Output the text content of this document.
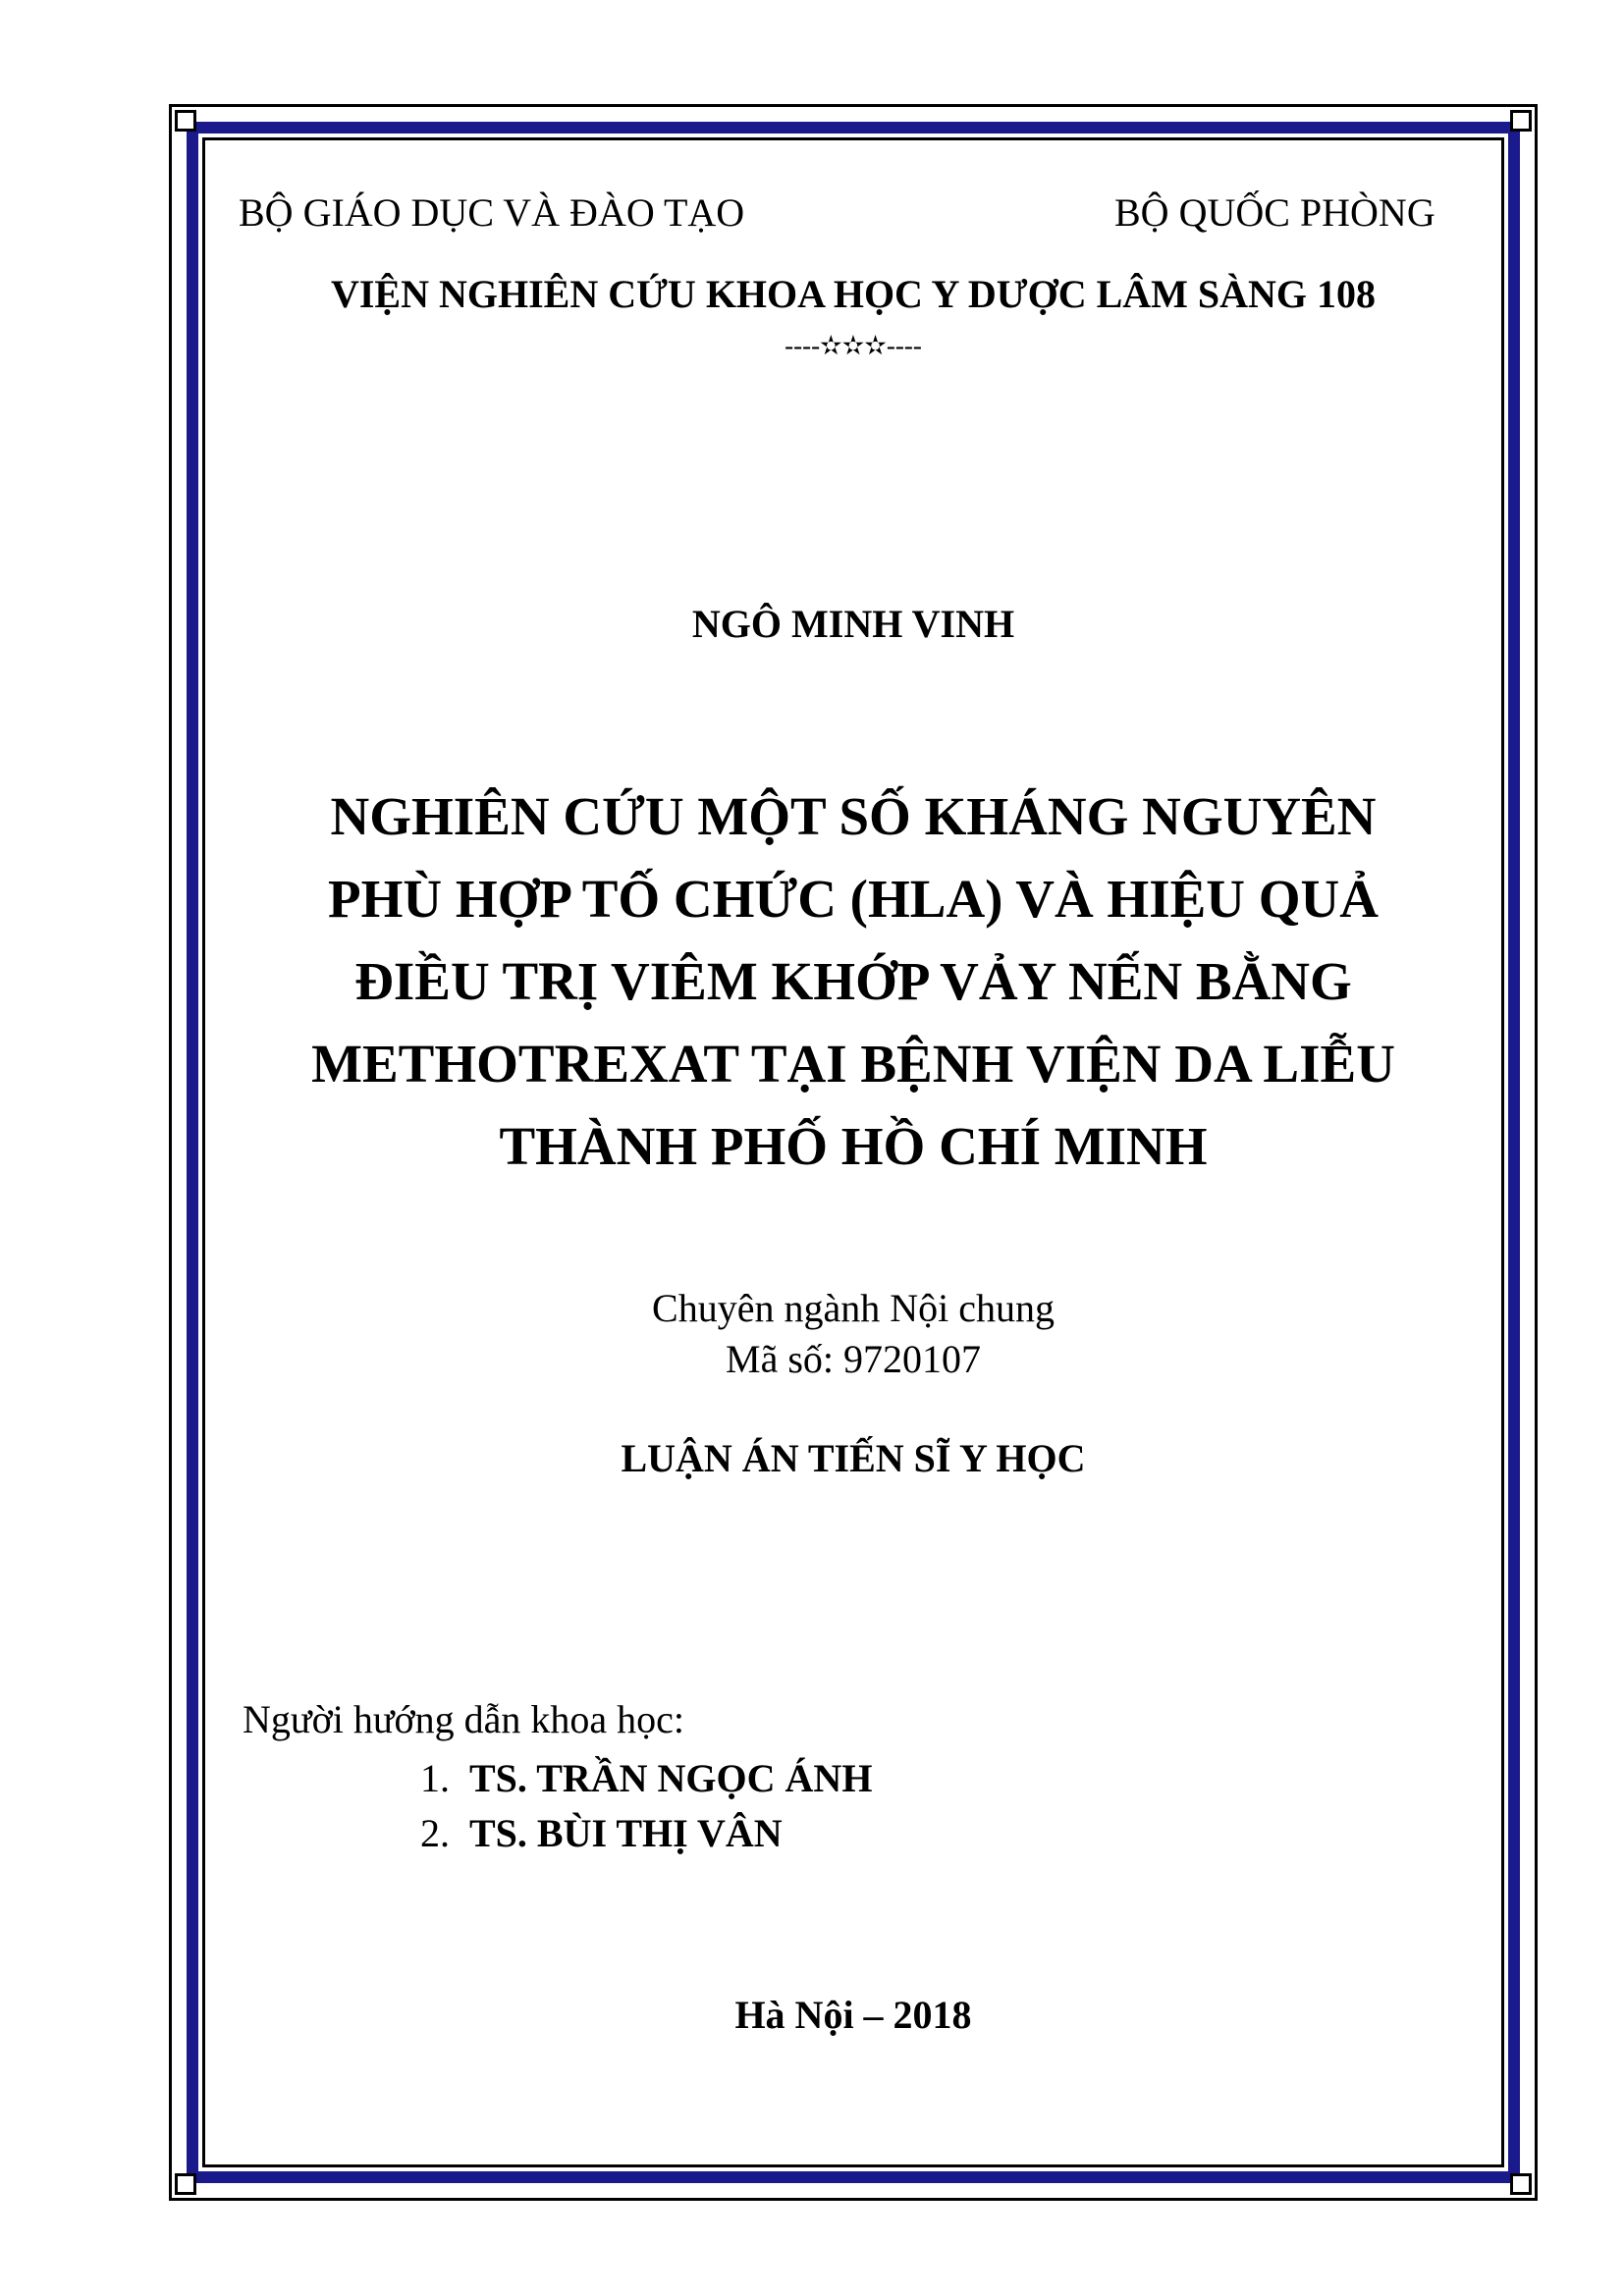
BỘ GIÁO DỤC VÀ ĐÀO TẠO	BỘ QUỐC PHÒNG
VIỆN NGHIÊN CỨU KHOA HỌC Y DƯỢC LÂM SÀNG 108
----✫✫✫----
NGÔ MINH VINH
NGHIÊN CỨU MỘT SỐ KHÁNG NGUYÊN
PHÙ HỢP TỐ CHỨC (HLA) VÀ HIỆU QUẢ
ĐIỀU TRỊ VIÊM KHỚP VẢY NẾN BẰNG
METHOTREXAT TẠI BỆNH VIỆN DA LIỄU
THÀNH PHỐ HỒ CHÍ MINH
Chuyên ngành Nội chung
Mã số: 9720107
LUẬN ÁN TIẾN SĨ Y HỌC
Người hướng dẫn khoa học:
1. TS. TRẦN NGỌC ÁNH
2. TS. BÙI THỊ VÂN
Hà Nội – 2018
